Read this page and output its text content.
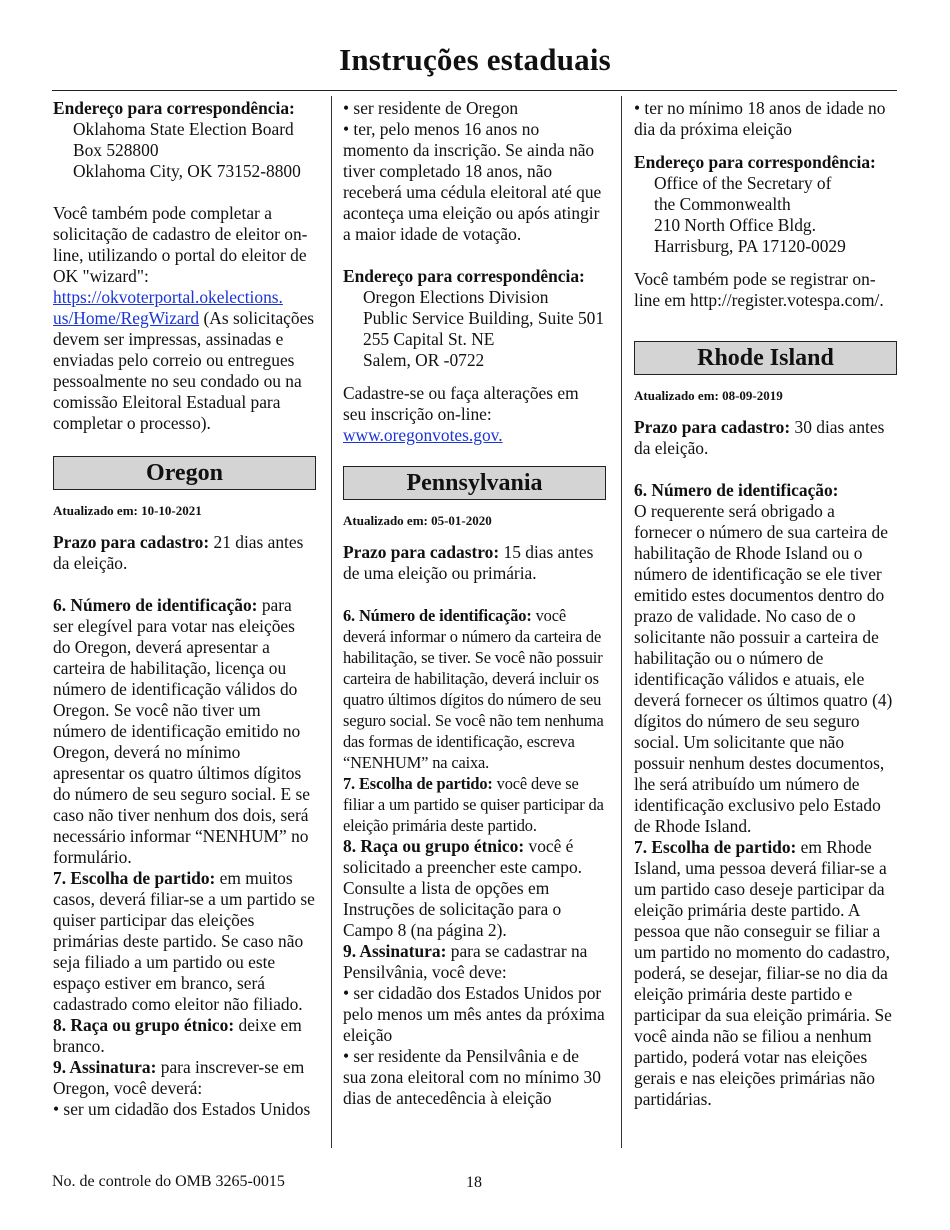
Instruções estaduais

Endereço para correspondência:

Oklahoma State Election Board

Box 528800

Oklahoma City, OK 73152-8800

Você também pode completar a solicitação de cadastro de eleitor on-line, utilizando o portal do eleitor de OK "wizard": https://okvoterportal.okelections.
us/Home/RegWizard (As solicitações devem ser impressas, assinadas e enviadas pelo correio ou entregues pessoalmente no seu condado ou na comissão Eleitoral Estadual para completar o processo).

Oregon

Atualizado em: 10-10-2021

Prazo para cadastro: 21 dias antes da eleição.

6. Número de identificação: para ser elegível para votar nas eleições do Oregon, deverá apresentar a carteira de habilitação, licença ou número de identificação válidos do Oregon. Se você não tiver um número de identificação emitido no Oregon, deverá no mínimo apresentar os quatro últimos dígitos do número de seu seguro social. E se caso não tiver nenhum dos dois, será necessário informar “NENHUM” no formulário.

7. Escolha de partido: em muitos casos, deverá filiar-se a um partido se quiser participar das eleições primárias deste partido. Se caso não seja filiado a um partido ou este espaço estiver em branco, será cadastrado como eleitor não filiado.

8. Raça ou grupo étnico: deixe em branco.

9. Assinatura: para inscrever-se em Oregon, você deverá:

• ser um cidadão dos Estados Unidos

• ser residente de Oregon

• ter, pelo menos 16 anos no momento da inscrição. Se ainda não tiver completado 18 anos, não receberá uma cédula eleitoral até que aconteça uma eleição ou após atingir a maior idade de votação.

Endereço para correspondência:

Oregon Elections Division

Public Service Building, Suite 501

255 Capital St. NE

Salem, OR -0722

Cadastre-se ou faça alterações em seu inscrição on-line: www.oregonvotes.gov.

Pennsylvania

Atualizado em: 05-01-2020

Prazo para cadastro: 15 dias antes de uma eleição ou primária.

6. Número de identificação: você deverá informar o número da carteira de habilitação, se tiver. Se você não possuir carteira de habilitação, deverá incluir os quatro últimos dígitos do número de seu seguro social. Se você não tem nenhuma das formas de identificação, escreva “NENHUM” na caixa.

7. Escolha de partido: você deve se filiar a um partido se quiser participar da eleição primária deste partido.

8. Raça ou grupo étnico: você é solicitado a preencher este campo. Consulte a lista de opções em Instruções de solicitação para o Campo 8 (na página 2).

9. Assinatura: para se cadastrar na Pensilvânia, você deve:

• ser cidadão dos Estados Unidos por pelo menos um mês antes da próxima eleição

• ser residente da Pensilvânia e de sua zona eleitoral com no mínimo 30 dias de antecedência à eleição

• ter no mínimo 18 anos de idade no dia da próxima eleição

Endereço para correspondência:

Office of the Secretary of

the Commonwealth

210 North Office Bldg.

Harrisburg, PA 17120-0029

Você também pode se registrar on-line em http://register.votespa.com/.

Rhode Island

Atualizado em: 08-09-2019

Prazo para cadastro: 30 dias antes da eleição.

6. Número de identificação:

O requerente será obrigado a fornecer o número de sua carteira de habilitação de Rhode Island ou o número de identificação se ele tiver emitido estes documentos dentro do prazo de validade. No caso de o solicitante não possuir a carteira de habilitação ou o número de identificação válidos e atuais, ele deverá fornecer os últimos quatro (4) dígitos do número de seu seguro social. Um solicitante que não possuir nenhum destes documentos, lhe será atribuído um número de identificação exclusivo pelo Estado de Rhode Island.

7. Escolha de partido: em Rhode Island, uma pessoa deverá filiar-se a um partido caso deseje participar da eleição primária deste partido. A pessoa que não conseguir se filiar a um partido no momento do cadastro, poderá, se desejar, filiar-se no dia da eleição primária deste partido e participar da sua eleição primária. Se você ainda não se filiou a nenhum partido, poderá votar nas eleições gerais e nas eleições primárias não partidárias.

No. de controle do OMB 3265-0015	18
